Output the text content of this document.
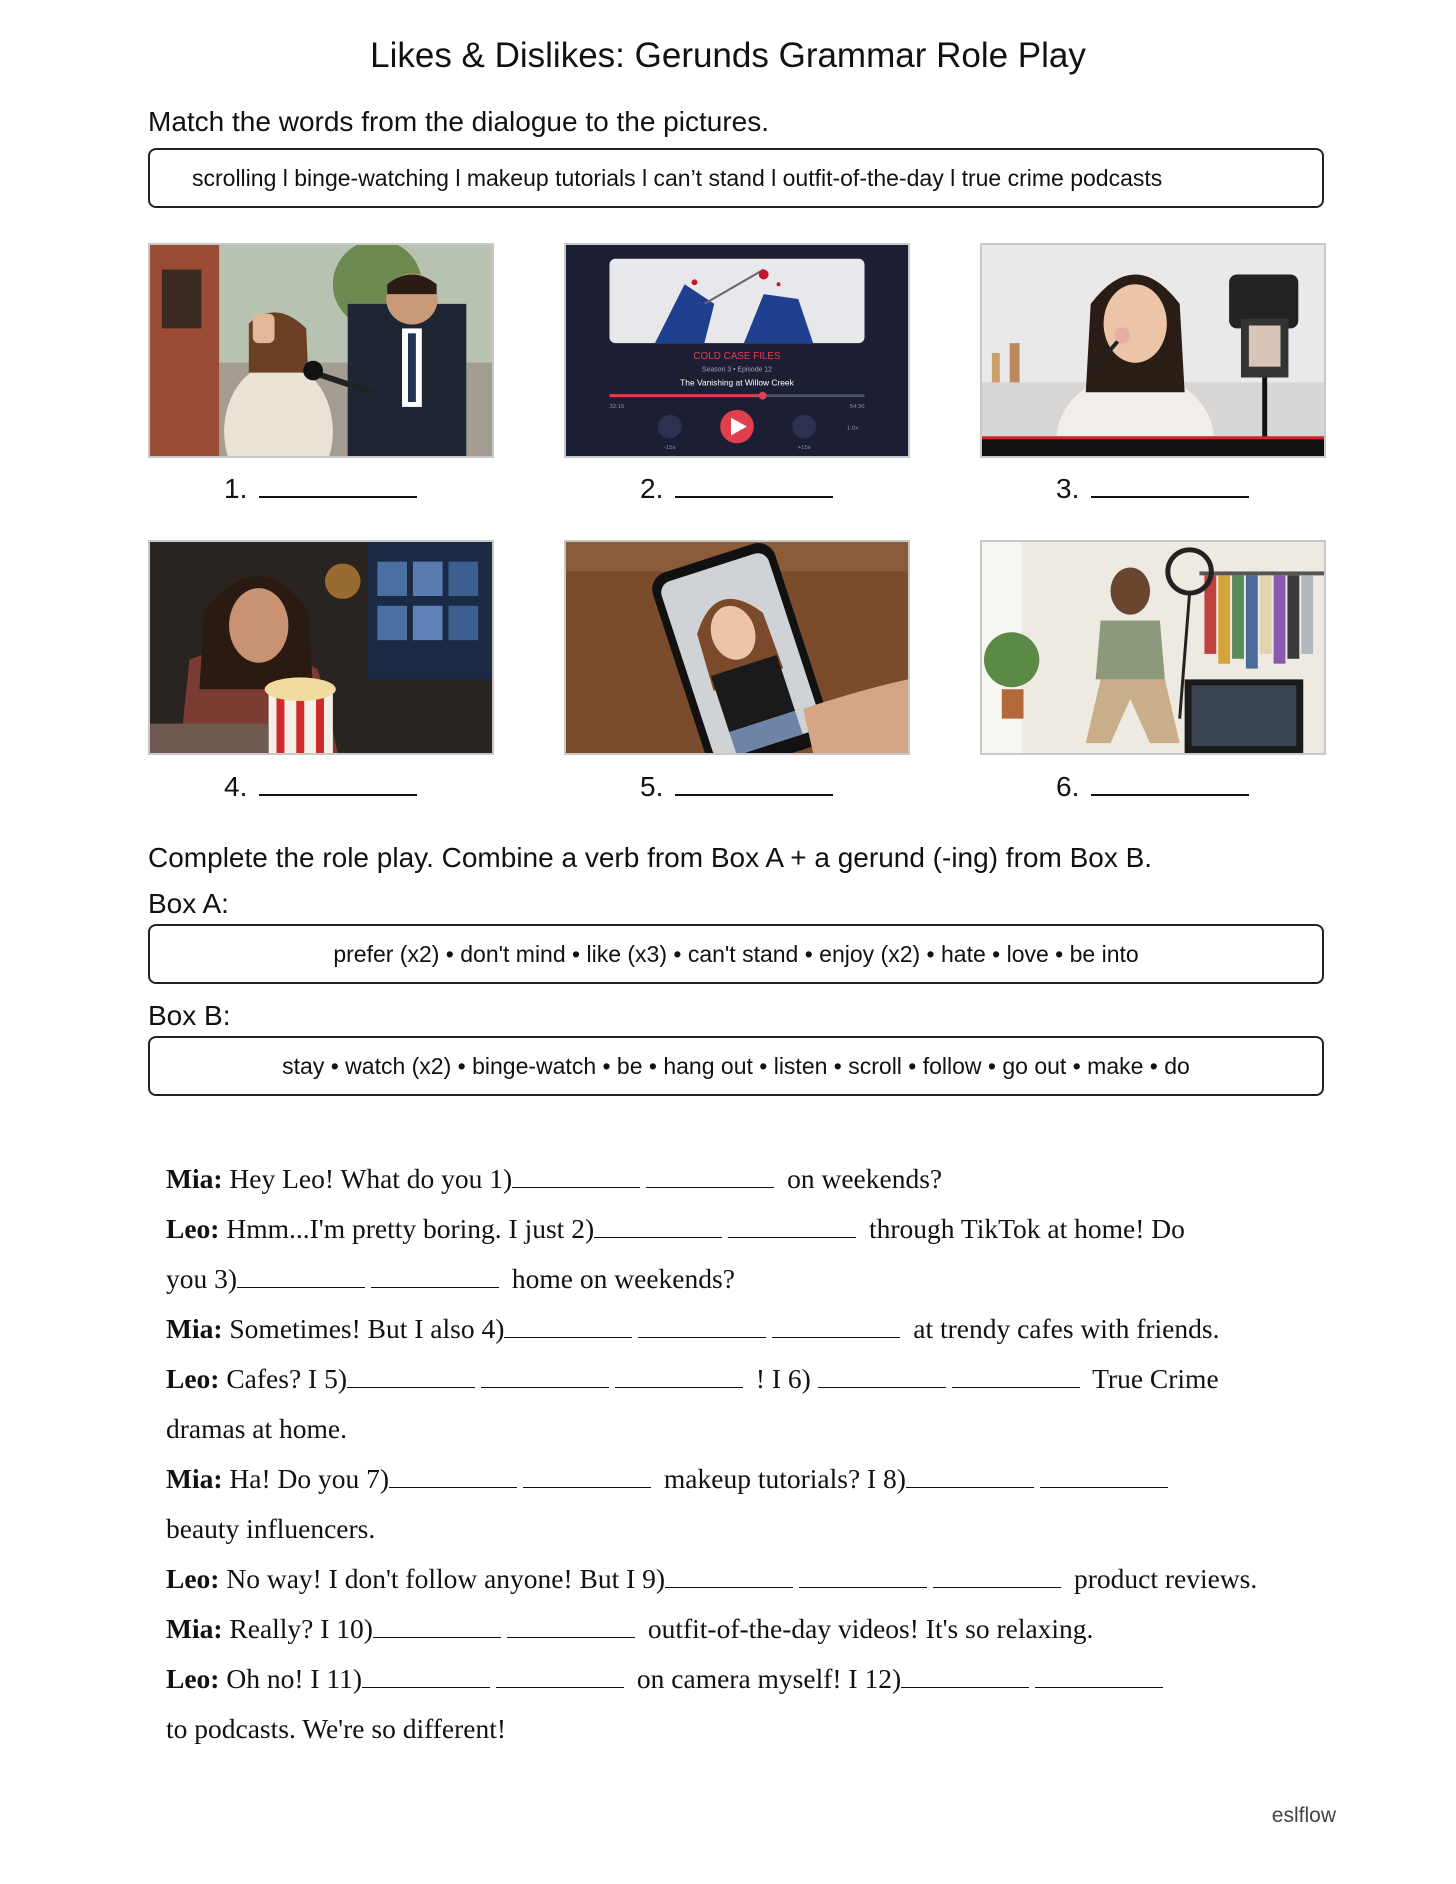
Likes & Dislikes: Gerunds Grammar Role Play
Match the words from the dialogue to the pictures.
scrolling l binge-watching l makeup tutorials l can’t stand l outfit-of-the-day l true crime podcasts
1.
COLD CASE FILES
Season 3 • Episode 12
The Vanishing at Willow Creek
32:15	54:30
-15s	+15s
1.0x
2.	3.
4.	5.	6.
Complete the role play. Combine a verb from Box A + a gerund (-ing) from Box B.
Box A:
prefer (x2) • don't mind • like (x3) • can't stand • enjoy (x2) • hate • love • be into
Box B:
stay • watch (x2) • binge-watch • be • hang out • listen • scroll • follow • go out • make • do
Mia: Hey Leo! What do you 1)	on weekends?
Leo: Hmm...I'm pretty boring. I just 2)	through TikTok at home! Do
you 3)	home on weekends?
Mia: Sometimes! But I also 4)	at trendy cafes with friends.
Leo: Cafes? I 5)	! I 6)	True Crime
dramas at home.
Mia: Ha! Do you 7)	makeup tutorials? I 8)
beauty influencers.
Leo: No way! I don't follow anyone! But I 9)	product reviews.
Mia: Really? I 10)	outfit-of-the-day videos! It's so relaxing.
Leo: Oh no! I 11)	on camera myself! I 12)
to podcasts. We're so different!
eslflow
